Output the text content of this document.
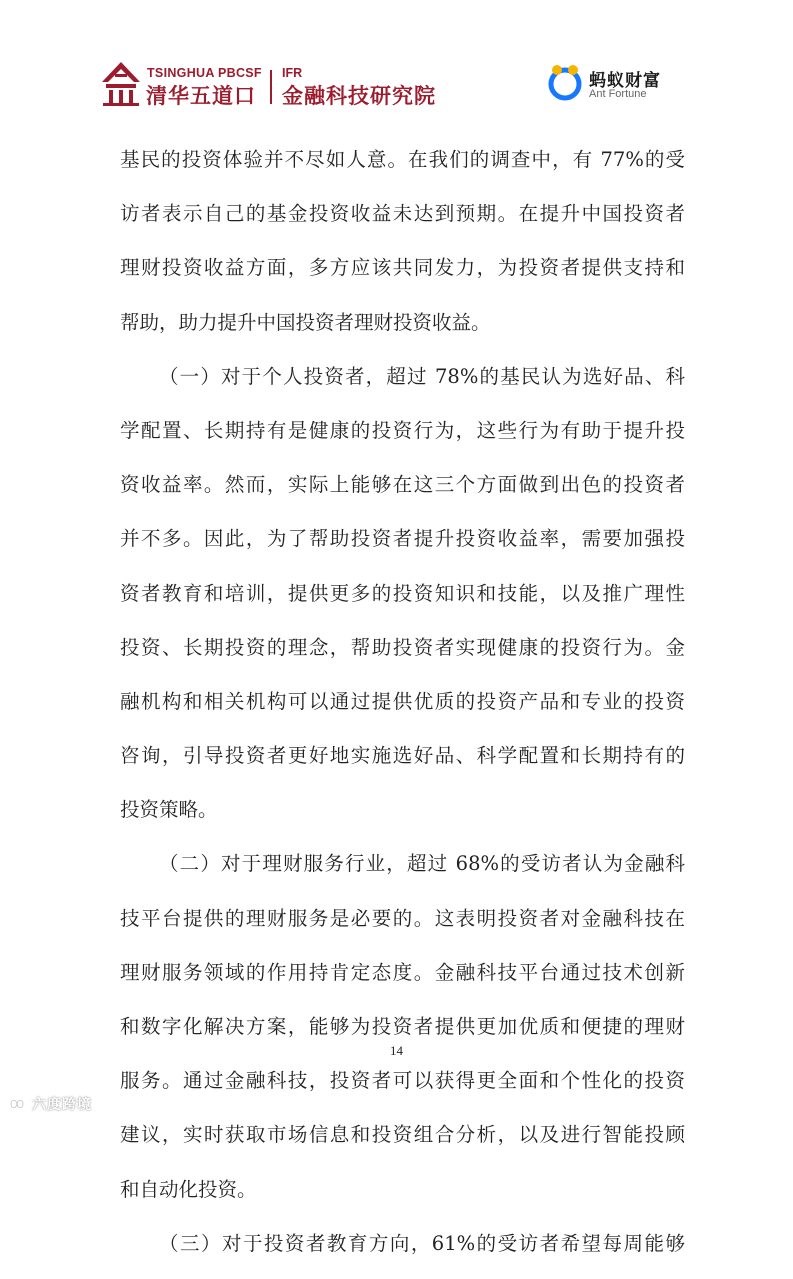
TSINGHUA PBCSF
清华五道口
IFR
金融科技研究院
蚂蚁财富
Ant Fortune
基民的投资体验并不尽如人意。在我们的调查中，有 77%的受
访者表示自己的基金投资收益未达到预期。在提升中国投资者
理财投资收益方面，多方应该共同发力，为投资者提供支持和
帮助，助力提升中国投资者理财投资收益。
（一）对于个人投资者，超过 78%的基民认为选好品、科
学配置、长期持有是健康的投资行为，这些行为有助于提升投
资收益率。然而，实际上能够在这三个方面做到出色的投资者
并不多。因此，为了帮助投资者提升投资收益率，需要加强投
资者教育和培训，提供更多的投资知识和技能，以及推广理性
投资、长期投资的理念，帮助投资者实现健康的投资行为。金
融机构和相关机构可以通过提供优质的投资产品和专业的投资
咨询，引导投资者更好地实施选好品、科学配置和长期持有的
投资策略。
（二）对于理财服务行业，超过 68%的受访者认为金融科
技平台提供的理财服务是必要的。这表明投资者对金融科技在
理财服务领域的作用持肯定态度。金融科技平台通过技术创新
和数字化解决方案，能够为投资者提供更加优质和便捷的理财
服务。通过金融科技，投资者可以获得更全面和个性化的投资
建议，实时获取市场信息和投资组合分析，以及进行智能投顾
和自动化投资。
（三）对于投资者教育方向，61%的受访者希望每周能够
14
六度跨境
